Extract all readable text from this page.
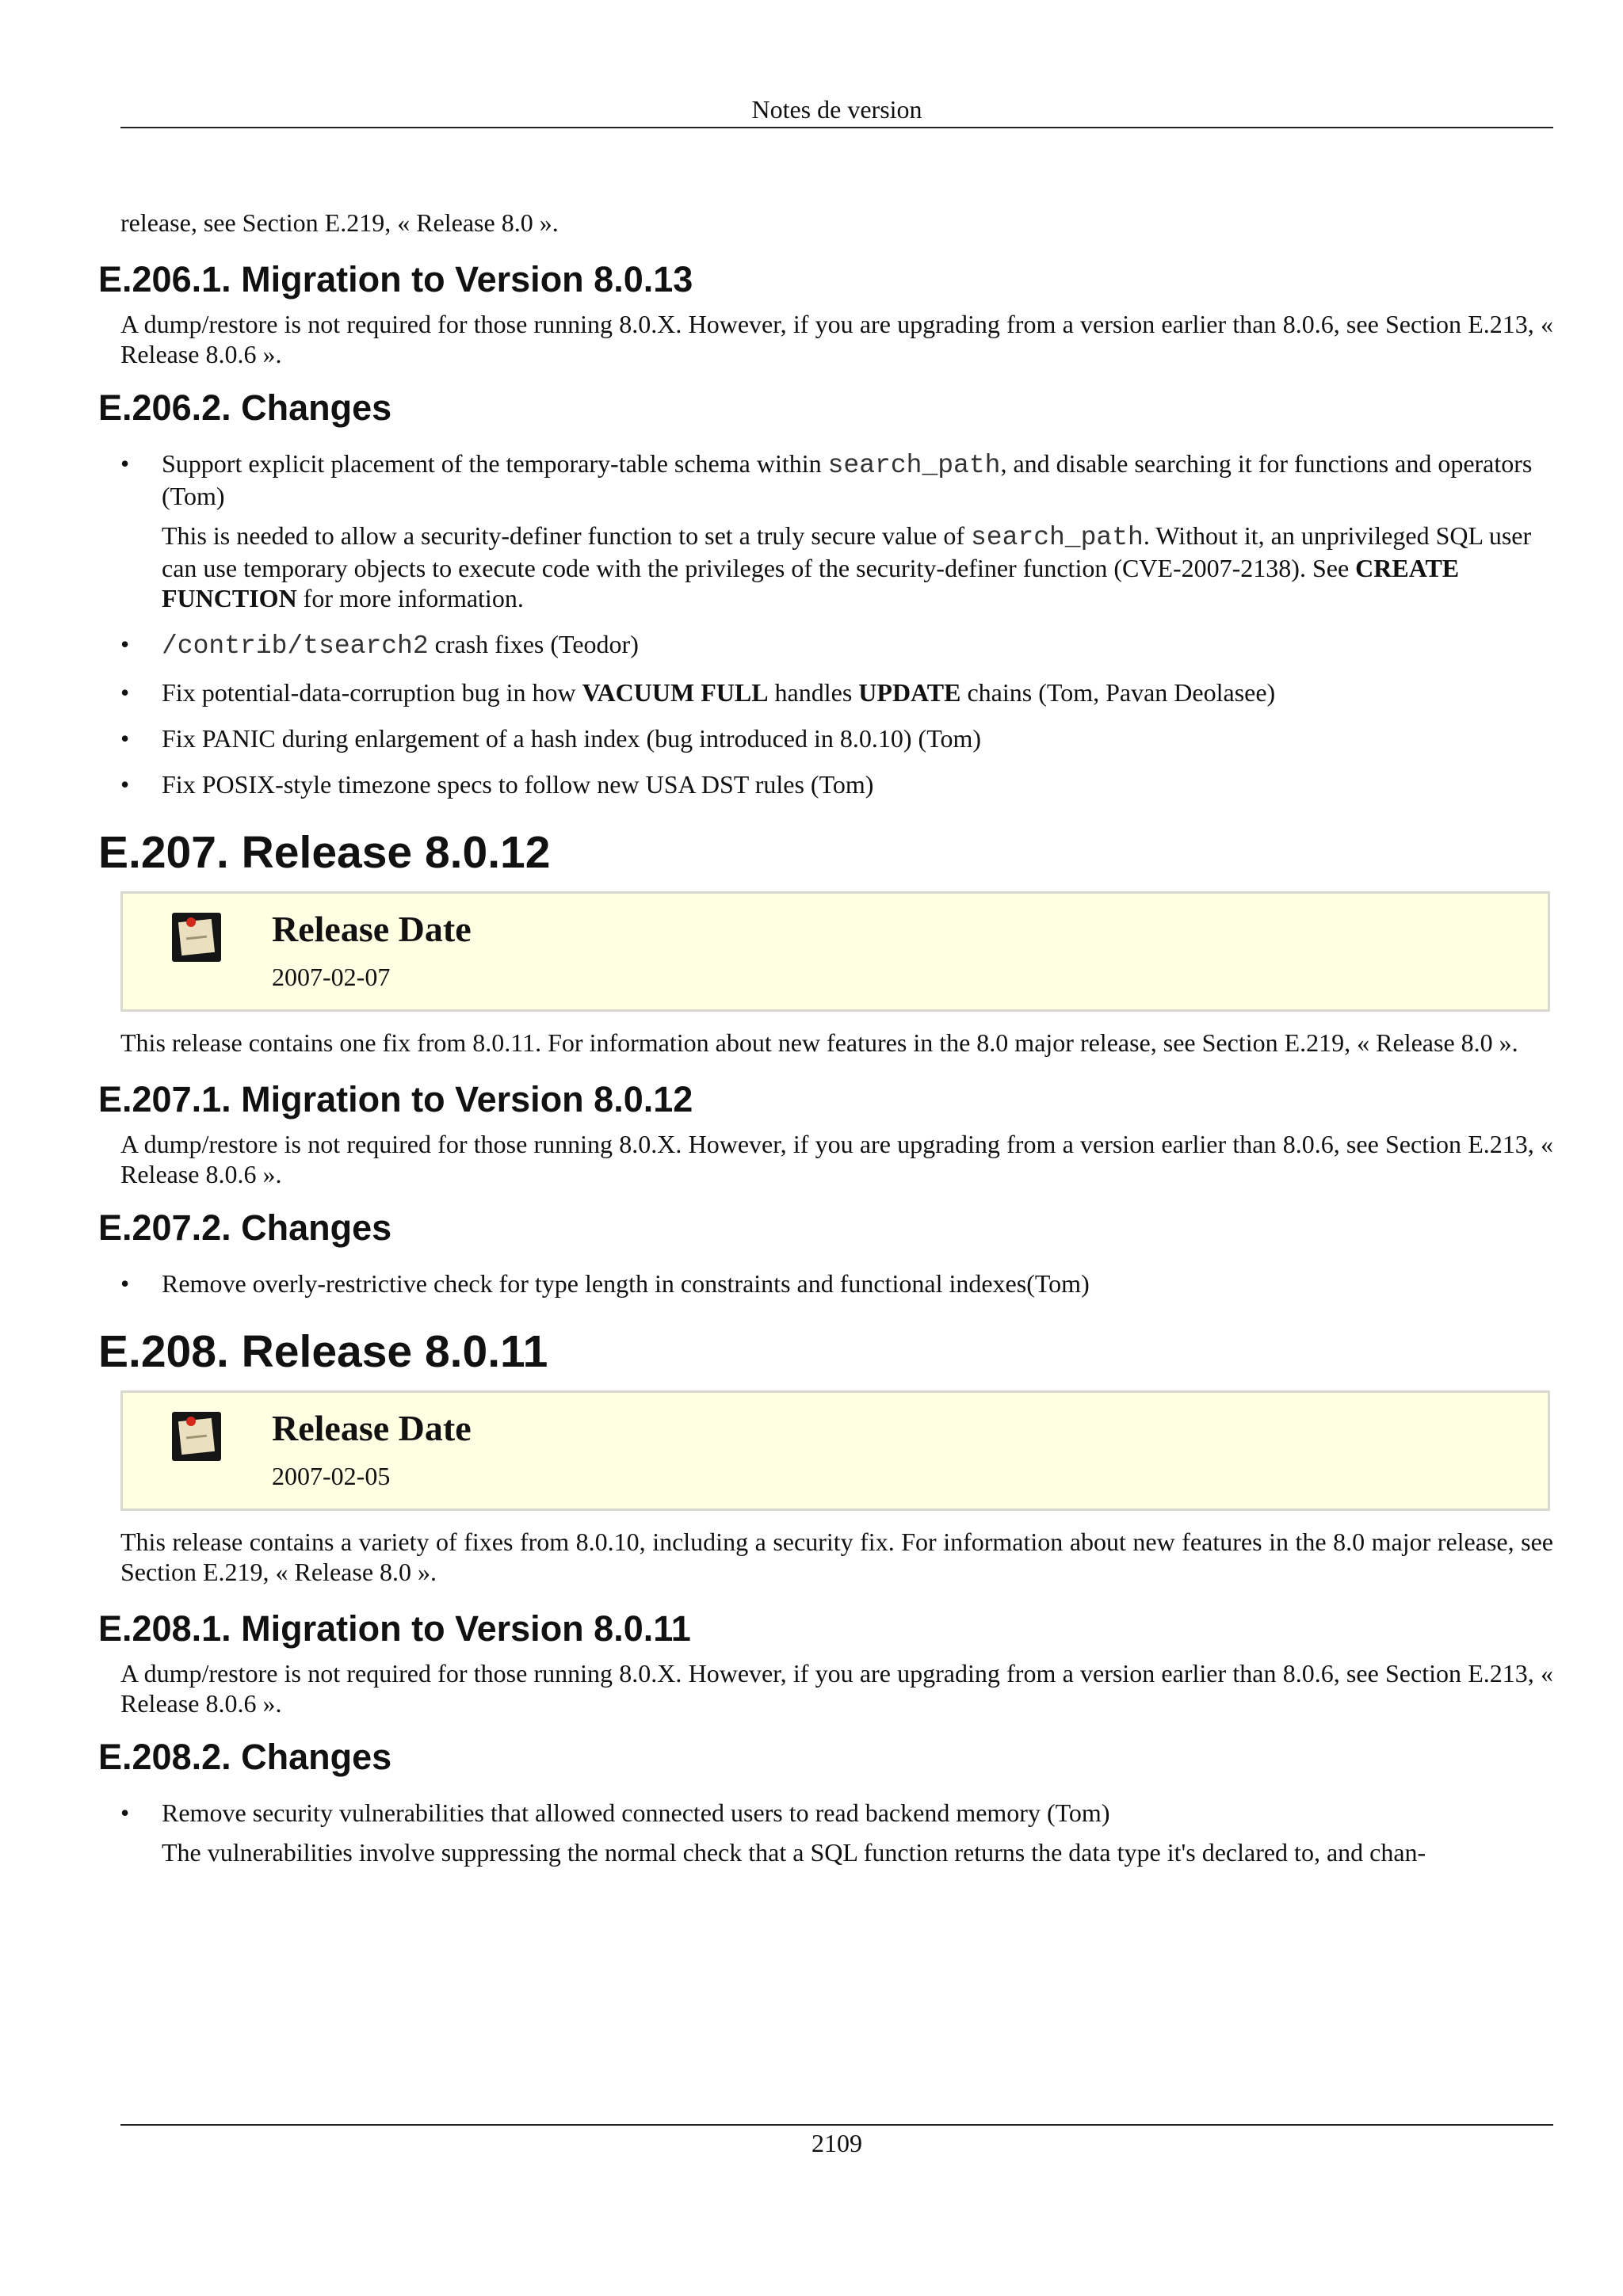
Notes de version

release, see Section E.219, « Release 8.0 ».

E.206.1. Migration to Version 8.0.13

A dump/restore is not required for those running 8.0.X. However, if you are upgrading from a version earlier than 8.0.6, see Section E.213, « Release 8.0.6 ».

E.206.2. Changes
• Support explicit placement of the temporary-table schema within search_path, and disable searching it for functions and operators (Tom)
This is needed to allow a security-definer function to set a truly secure value of search_path. Without it, an unprivileged SQL user can use temporary objects to execute code with the privileges of the security-definer function (CVE-2007-2138). See CREATE FUNCTION for more information.
• /contrib/tsearch2 crash fixes (Teodor)
• Fix potential-data-corruption bug in how VACUUM FULL handles UPDATE chains (Tom, Pavan Deolasee)
• Fix PANIC during enlargement of a hash index (bug introduced in 8.0.10) (Tom)
• Fix POSIX-style timezone specs to follow new USA DST rules (Tom)
E.207. Release 8.0.12
Release Date
2007-02-07

This release contains one fix from 8.0.11. For information about new features in the 8.0 major release, see Section E.219, « Release 8.0 ».

E.207.1. Migration to Version 8.0.12

A dump/restore is not required for those running 8.0.X. However, if you are upgrading from a version earlier than 8.0.6, see Section E.213, « Release 8.0.6 ».

E.207.2. Changes
• Remove overly-restrictive check for type length in constraints and functional indexes(Tom)
E.208. Release 8.0.11
Release Date
2007-02-05

This release contains a variety of fixes from 8.0.10, including a security fix. For information about new features in the 8.0 major release, see Section E.219, « Release 8.0 ».

E.208.1. Migration to Version 8.0.11

A dump/restore is not required for those running 8.0.X. However, if you are upgrading from a version earlier than 8.0.6, see Section E.213, « Release 8.0.6 ».

E.208.2. Changes
• Remove security vulnerabilities that allowed connected users to read backend memory (Tom)
The vulnerabilities involve suppressing the normal check that a SQL function returns the data type it's declared to, and chan-
2109
